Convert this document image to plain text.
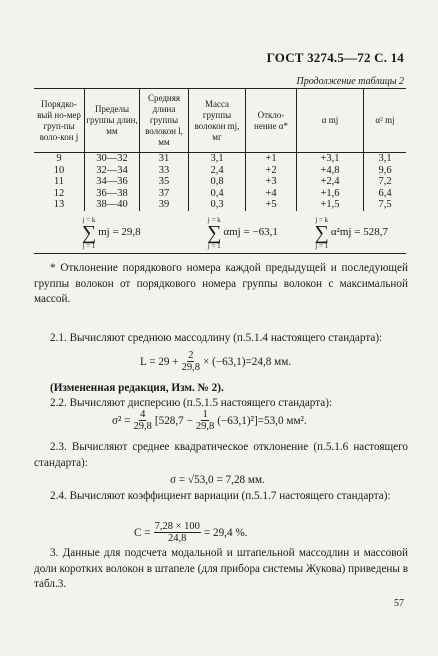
ГОСТ 3274.5—72 С. 14
Продолжение таблицы 2
Порядко-вый но-мер груп-пы воло-кон j	Пределы группы длин, мм	Средняя длина группы волокон l, мм	Масса группы волокон mj, мг	Откло-нение α*	α mj	α² mj
9	30—32	31	3,1	+1	+3,1	3,1
10	32—34	33	2,4	+2	+4,8	9,6
11	34—36	35	0,8	+3	+2,4	7,2
12	36—38	37	0,4	+4	+1,6	6,4
13	38—40	39	0,3	+5	+1,5	7,5

j = k
∑
j = 1
mj = 29,8			j = k
∑
j = 1
αmj = −63,1		j = k
∑
j = 1
α²mj = 528,7	
* Отклонение порядкового номера каждой предыдущей и последующей группы волокон от порядкового номера группы волокон с максимальной массой.
2.1. Вычисляют среднюю массодлину (п.5.1.4 настоящего стандарта):
$L = 29 + \frac{2}{29,8} \times (-63,1)=24,8$ мм.
(Измененная редакция, Изм. № 2).
2.2. Вычисляют дисперсию (п.5.1.5 настоящего стандарта):
$\sigma^2 = \frac{4}{29,8} [528,7 - \frac{1}{29,8} (-63,1)^2]=53,0$ мм².
2.3. Вычисляют среднее квадратическое отклонение (п.5.1.6 настоящего стандарта):
σ = √53,0 = 7,28 мм.
2.4. Вычисляют коэффициент вариации (п.5.1.7 настоящего стандарта):
$C = \frac{7,28 \times 100}{24,8} = 29,4$ %.
3. Данные для подсчета модальной и штапельной массодлин и массовой доли коротких волокон в штапеле (для прибора системы Жукова) приведены в табл.3.
57
